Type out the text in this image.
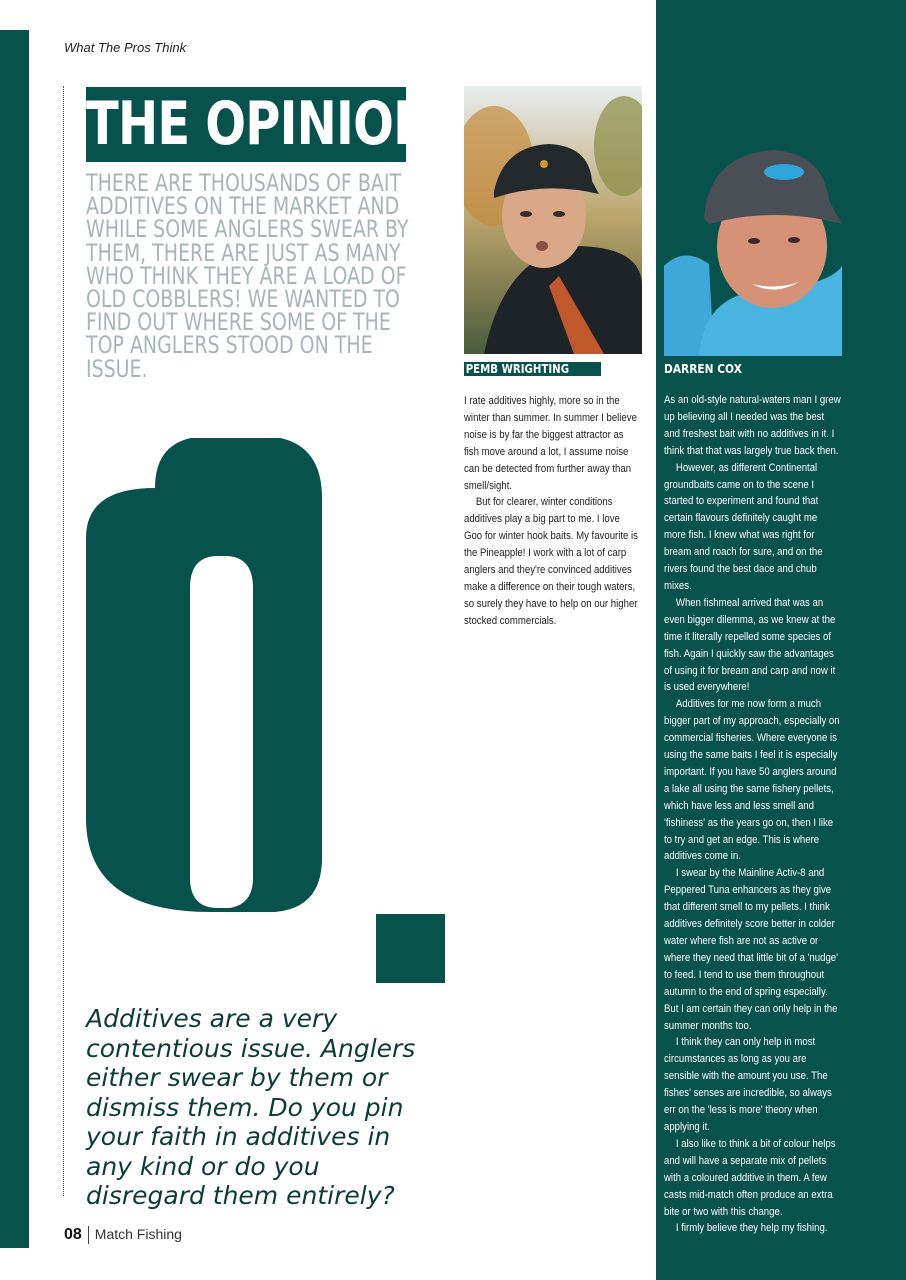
What The Pros Think
THE OPINION

THERE ARE THOUSANDS OF BAIT ADDITIVES ON THE MARKET AND WHILE SOME ANGLERS SWEAR BY THEM, THERE ARE JUST AS MANY WHO THINK THEY ARE A LOAD OF OLD COBBLERS! WE WANTED TO FIND OUT WHERE SOME OF THE TOP ANGLERS STOOD ON THE ISSUE.

Additives are a very contentious issue. Anglers either swear by them or dismiss them. Do you pin your faith in additives in any kind or do you disregard them entirely?

PEMB WRIGHTING	DARREN COX

I rate additives highly, more so in the winter than summer. In summer I believe noise is by far the biggest attractor as fish move around a lot, I assume noise can be detected from further away than smell/sight.

But for clearer, winter conditions additives play a big part to me. I love Goo for winter hook baits. My favourite is the Pineapple! I work with a lot of carp anglers and they're convinced additives make a difference on their tough waters, so surely they have to help on our higher stocked commercials.

As an old-style natural-waters man I grew up believing all I needed was the best and freshest bait with no additives in it. I think that that was largely true back then.

However, as different Continental groundbaits came on to the scene I started to experiment and found that certain flavours definitely caught me more fish. I knew what was right for bream and roach for sure, and on the rivers found the best dace and chub mixes.

When fishmeal arrived that was an even bigger dilemma, as we knew at the time it literally repelled some species of fish. Again I quickly saw the advantages of using it for bream and carp and now it is used everywhere!

Additives for me now form a much bigger part of my approach, especially on commercial fisheries. Where everyone is using the same baits I feel it is especially important. If you have 50 anglers around a lake all using the same fishery pellets, which have less and less smell and 'fishiness' as the years go on, then I like to try and get an edge. This is where additives come in.

I swear by the Mainline Activ-8 and Peppered Tuna enhancers as they give that different smell to my pellets. I think additives definitely score better in colder water where fish are not as active or where they need that little bit of a 'nudge' to feed. I tend to use them throughout autumn to the end of spring especially. But I am certain they can only help in the summer months too.

I think they can only help in most circumstances as long as you are sensible with the amount you use. The fishes' senses are incredible, so always err on the 'less is more' theory when applying it.

I also like to think a bit of colour helps and will have a separate mix of pellets with a coloured additive in them. A few casts mid-match often produce an extra bite or two with this change.

I firmly believe they help my fishing.

08 Match Fishing
